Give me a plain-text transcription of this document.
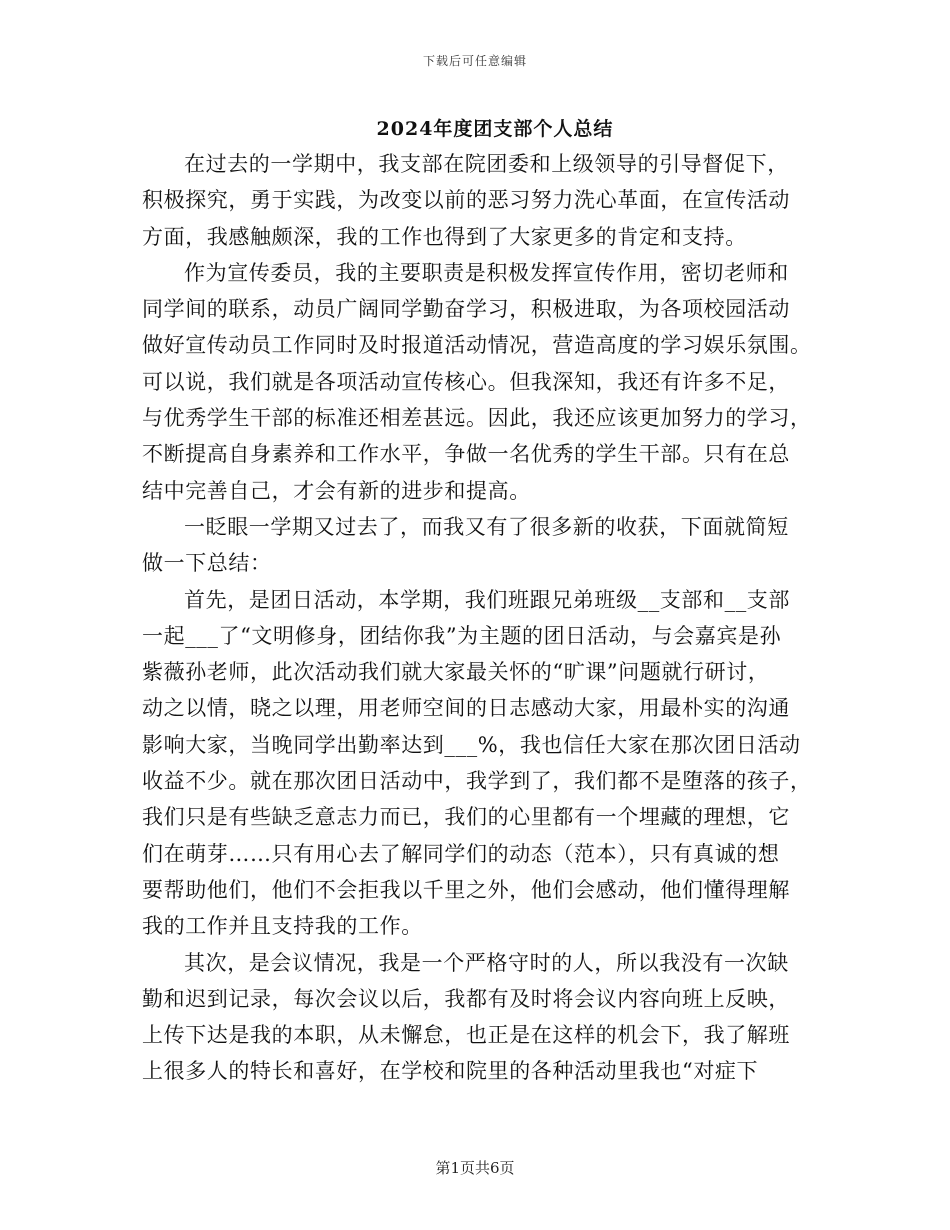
下载后可任意编辑
2024年度团支部个人总结
在过去的一学期中，我支部在院团委和上级领导的引导督促下，
积极探究，勇于实践，为改变以前的恶习努力洗心革面，在宣传活动
方面，我感触颇深，我的工作也得到了大家更多的肯定和支持。
作为宣传委员，我的主要职责是积极发挥宣传作用，密切老师和
同学间的联系，动员广阔同学勤奋学习，积极进取，为各项校园活动
做好宣传动员工作同时及时报道活动情况，营造高度的学习娱乐氛围。
可以说，我们就是各项活动宣传核心。但我深知，我还有许多不足，
与优秀学生干部的标准还相差甚远。因此，我还应该更加努力的学习，
不断提高自身素养和工作水平，争做一名优秀的学生干部。只有在总
结中完善自己，才会有新的进步和提高。
一眨眼一学期又过去了，而我又有了很多新的收获，下面就简短
做一下总结：
首先，是团日活动，本学期，我们班跟兄弟班级__支部和__支部
一起___了“文明修身，团结你我”为主题的团日活动，与会嘉宾是孙
紫薇孙老师，此次活动我们就大家最关怀的“旷课”问题就行研讨，
动之以情，晓之以理，用老师空间的日志感动大家，用最朴实的沟通
影响大家，当晚同学出勤率达到___%，我也信任大家在那次团日活动
收益不少。就在那次团日活动中，我学到了，我们都不是堕落的孩子，
我们只是有些缺乏意志力而已，我们的心里都有一个埋藏的理想，它
们在萌芽……只有用心去了解同学们的动态（范本），只有真诚的想
要帮助他们，他们不会拒我以千里之外，他们会感动，他们懂得理解
我的工作并且支持我的工作。
其次，是会议情况，我是一个严格守时的人，所以我没有一次缺
勤和迟到记录，每次会议以后，我都有及时将会议内容向班上反映，
上传下达是我的本职，从未懈怠，也正是在这样的机会下，我了解班
上很多人的特长和喜好，在学校和院里的各种活动里我也“对症下
第1页共6页
